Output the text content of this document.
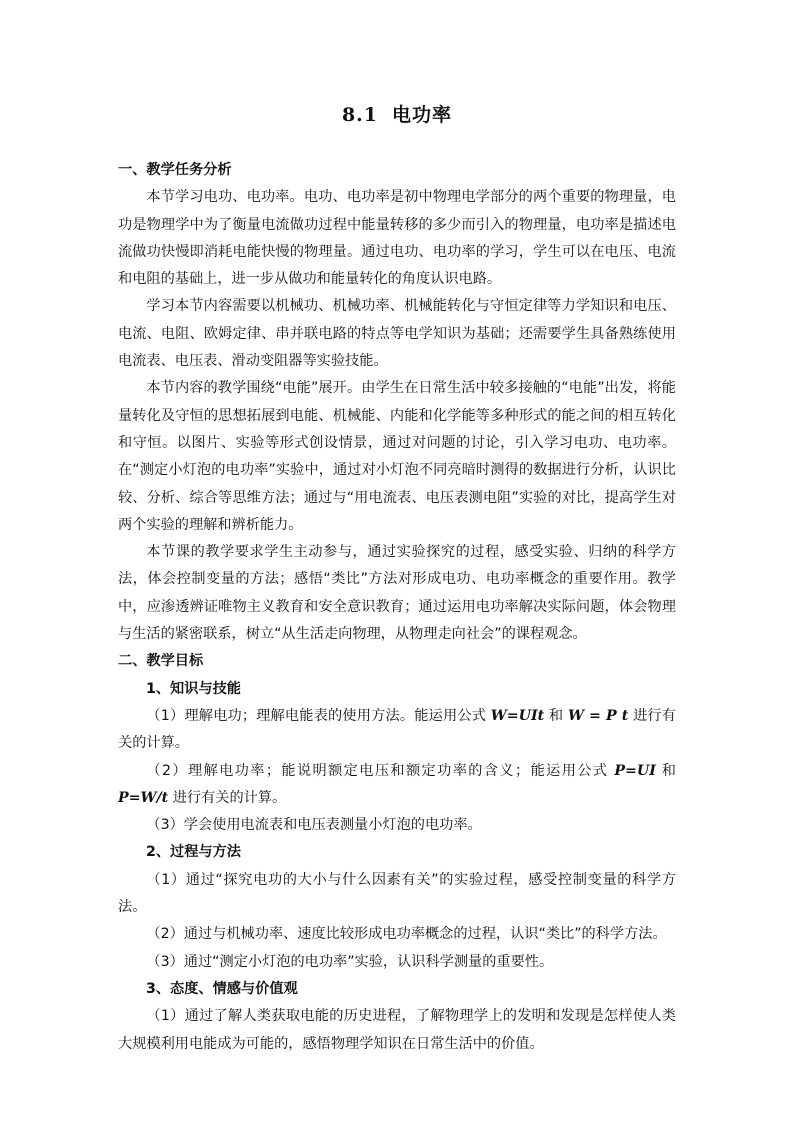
8.1 电功率

一、教学任务分析

本节学习电功、电功率。电功、电功率是初中物理电学部分的两个重要的物理量，电功是物理学中为了衡量电流做功过程中能量转移的多少而引入的物理量，电功率是描述电流做功快慢即消耗电能快慢的物理量。通过电功、电功率的学习，学生可以在电压、电流和电阻的基础上，进一步从做功和能量转化的角度认识电路。

学习本节内容需要以机械功、机械功率、机械能转化与守恒定律等力学知识和电压、电流、电阻、欧姆定律、串并联电路的特点等电学知识为基础；还需要学生具备熟练使用电流表、电压表、滑动变阻器等实验技能。

本节内容的教学围绕“电能”展开。由学生在日常生活中较多接触的“电能”出发，将能量转化及守恒的思想拓展到电能、机械能、内能和化学能等多种形式的能之间的相互转化和守恒。以图片、实验等形式创设情景，通过对问题的讨论，引入学习电功、电功率。在“测定小灯泡的电功率”实验中，通过对小灯泡不同亮暗时测得的数据进行分析，认识比较、分析、综合等思维方法；通过与“用电流表、电压表测电阻”实验的对比，提高学生对两个实验的理解和辨析能力。

本节课的教学要求学生主动参与，通过实验探究的过程，感受实验、归纳的科学方法，体会控制变量的方法；感悟“类比”方法对形成电功、电功率概念的重要作用。教学中，应渗透辨证唯物主义教育和安全意识教育；通过运用电功率解决实际问题，体会物理与生活的紧密联系，树立“从生活走向物理，从物理走向社会”的课程观念。

二、教学目标

1、知识与技能

（1）理解电功；理解电能表的使用方法。能运用公式 W=UIt 和 W = P t 进行有关的计算。

（2）理解电功率；能说明额定电压和额定功率的含义；能运用公式 P=UI 和 P=W/t 进行有关的计算。

（3）学会使用电流表和电压表测量小灯泡的电功率。

2、过程与方法

（1）通过“探究电功的大小与什么因素有关”的实验过程，感受控制变量的科学方法。

（2）通过与机械功率、速度比较形成电功率概念的过程，认识“类比”的科学方法。

（3）通过“测定小灯泡的电功率”实验，认识科学测量的重要性。

3、态度、情感与价值观

（1）通过了解人类获取电能的历史进程，了解物理学上的发明和发现是怎样使人类大规模利用电能成为可能的，感悟物理学知识在日常生活中的价值。
